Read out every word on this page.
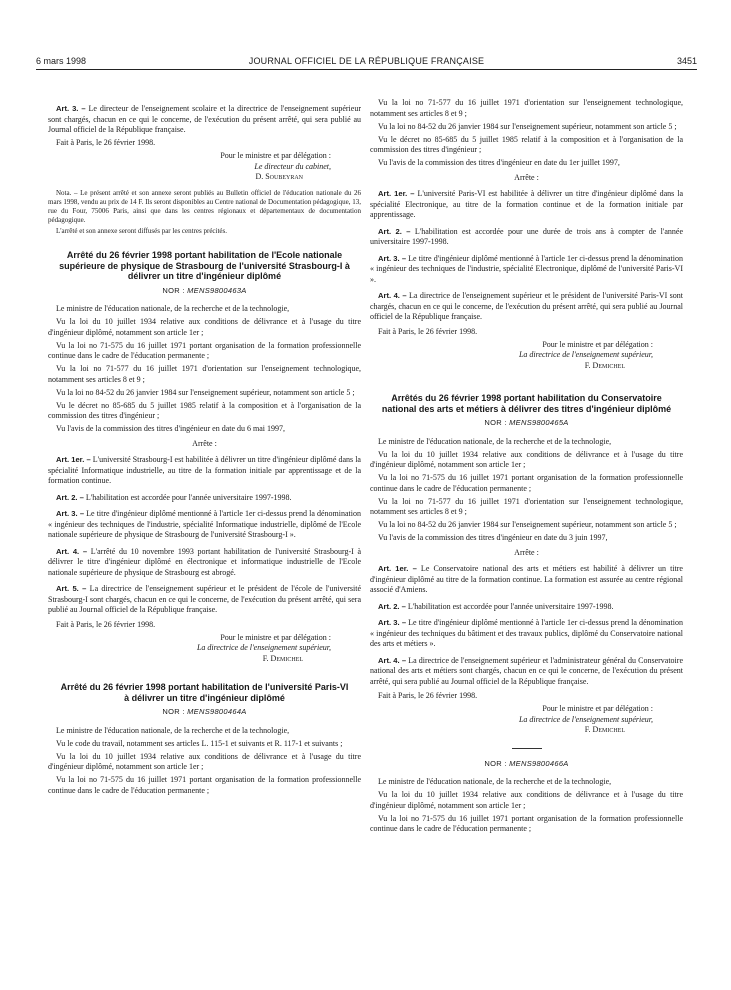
6 mars 1998	JOURNAL OFFICIEL DE LA RÉPUBLIQUE FRANÇAISE	3451

Art. 3. – Le directeur de l'enseignement scolaire et la directrice de l'enseignement supérieur sont chargés, chacun en ce qui le concerne, de l'exécution du présent arrêté, qui sera publié au Journal officiel de la République française.

Fait à Paris, le 26 février 1998.

Pour le ministre et par délégation :

Le directeur du cabinet,

D. Soubeyran

Nota. – Le présent arrêté et son annexe seront publiés au Bulletin officiel de l'éducation nationale du 26 mars 1998, vendu au prix de 14 F. Ils seront disponibles au Centre national de Documentation pédagogique, 13, rue du Four, 75006 Paris, ainsi que dans les centres régionaux et départementaux de documentation pédagogique.

L'arrêté et son annexe seront diffusés par les centres précités.

Arrêté du 26 février 1998 portant habilitation de l'Ecole nationale supérieure de physique de Strasbourg de l'université Strasbourg-I à délivrer un titre d'ingénieur diplômé
NOR : MENS9800463A

Le ministre de l'éducation nationale, de la recherche et de la technologie,

Vu la loi du 10 juillet 1934 relative aux conditions de délivrance et à l'usage du titre d'ingénieur diplômé, notamment son article 1er ;

Vu la loi no 71-575 du 16 juillet 1971 portant organisation de la formation professionnelle continue dans le cadre de l'éducation permanente ;

Vu la loi no 71-577 du 16 juillet 1971 d'orientation sur l'enseignement technologique, notamment ses articles 8 et 9 ;

Vu la loi no 84-52 du 26 janvier 1984 sur l'enseignement supérieur, notamment son article 5 ;

Vu le décret no 85-685 du 5 juillet 1985 relatif à la composition et à l'organisation de la commission des titres d'ingénieur ;

Vu l'avis de la commission des titres d'ingénieur en date du 6 mai 1997,

Arrête :

Art. 1er. – L'université Strasbourg-I est habilitée à délivrer un titre d'ingénieur diplômé dans la spécialité Informatique industrielle, au titre de la formation initiale par apprentissage et de la formation continue.

Art. 2. – L'habilitation est accordée pour l'année universitaire 1997-1998.

Art. 3. – Le titre d'ingénieur diplômé mentionné à l'article 1er ci-dessus prend la dénomination « ingénieur des techniques de l'industrie, spécialité Informatique industrielle, diplômé de l'Ecole nationale supérieure de physique de Strasbourg de l'université Strasbourg-I ».

Art. 4. – L'arrêté du 10 novembre 1993 portant habilitation de l'université Strasbourg-I à délivrer le titre d'ingénieur diplômé en électronique et informatique industrielle de l'Ecole nationale supérieure de physique de Strasbourg est abrogé.

Art. 5. – La directrice de l'enseignement supérieur et le président de l'école de l'université Strasbourg-I sont chargés, chacun en ce qui le concerne, de l'exécution du présent arrêté, qui sera publié au Journal officiel de la République française.

Fait à Paris, le 26 février 1998.

Pour le ministre et par délégation :

La directrice de l'enseignement supérieur,

F. Demichel

Arrêté du 26 février 1998 portant habilitation de l'université Paris-VI à délivrer un titre d'ingénieur diplômé
NOR : MENS9800464A

Le ministre de l'éducation nationale, de la recherche et de la technologie,

Vu le code du travail, notamment ses articles L. 115-1 et suivants et R. 117-1 et suivants ;

Vu la loi du 10 juillet 1934 relative aux conditions de délivrance et à l'usage du titre d'ingénieur diplômé, notamment son article 1er ;

Vu la loi no 71-575 du 16 juillet 1971 portant organisation de la formation professionnelle continue dans le cadre de l'éducation permanente ;

Vu la loi no 71-577 du 16 juillet 1971 d'orientation sur l'enseignement technologique, notamment ses articles 8 et 9 ;

Vu la loi no 84-52 du 26 janvier 1984 sur l'enseignement supérieur, notamment son article 5 ;

Vu le décret no 85-685 du 5 juillet 1985 relatif à la composition et à l'organisation de la commission des titres d'ingénieur ;

Vu l'avis de la commission des titres d'ingénieur en date du 1er juillet 1997,

Arrête :

Art. 1er. – L'université Paris-VI est habilitée à délivrer un titre d'ingénieur diplômé dans la spécialité Electronique, au titre de la formation continue et de la formation initiale par apprentissage.

Art. 2. – L'habilitation est accordée pour une durée de trois ans à compter de l'année universitaire 1997-1998.

Art. 3. – Le titre d'ingénieur diplômé mentionné à l'article 1er ci-dessus prend la dénomination « ingénieur des techniques de l'industrie, spécialité Electronique, diplômé de l'université Paris-VI ».

Art. 4. – La directrice de l'enseignement supérieur et le président de l'université Paris-VI sont chargés, chacun en ce qui le concerne, de l'exécution du présent arrêté, qui sera publié au Journal officiel de la République française.

Fait à Paris, le 26 février 1998.

Pour le ministre et par délégation :

La directrice de l'enseignement supérieur,

F. Demichel

Arrêtés du 26 février 1998 portant habilitation du Conservatoire national des arts et métiers à délivrer des titres d'ingénieur diplômé
NOR : MENS9800465A

Le ministre de l'éducation nationale, de la recherche et de la technologie,

Vu la loi du 10 juillet 1934 relative aux conditions de délivrance et à l'usage du titre d'ingénieur diplômé, notamment son article 1er ;

Vu la loi no 71-575 du 16 juillet 1971 portant organisation de la formation professionnelle continue dans le cadre de l'éducation permanente ;

Vu la loi no 71-577 du 16 juillet 1971 d'orientation sur l'enseignement technologique, notamment ses articles 8 et 9 ;

Vu la loi no 84-52 du 26 janvier 1984 sur l'enseignement supérieur, notamment son article 5 ;

Vu l'avis de la commission des titres d'ingénieur en date du 3 juin 1997,

Arrête :

Art. 1er. – Le Conservatoire national des arts et métiers est habilité à délivrer un titre d'ingénieur diplômé au titre de la formation continue. La formation est assurée au centre régional associé d'Amiens.

Art. 2. – L'habilitation est accordée pour l'année universitaire 1997-1998.

Art. 3. – Le titre d'ingénieur diplômé mentionné à l'article 1er ci-dessus prend la dénomination « ingénieur des techniques du bâtiment et des travaux publics, diplômé du Conservatoire national des arts et métiers ».

Art. 4. – La directrice de l'enseignement supérieur et l'administrateur général du Conservatoire national des arts et métiers sont chargés, chacun en ce qui le concerne, de l'exécution du présent arrêté, qui sera publié au Journal officiel de la République française.

Fait à Paris, le 26 février 1998.

Pour le ministre et par délégation :

La directrice de l'enseignement supérieur,

F. Demichel

NOR : MENS9800466A

Le ministre de l'éducation nationale, de la recherche et de la technologie,

Vu la loi du 10 juillet 1934 relative aux conditions de délivrance et à l'usage du titre d'ingénieur diplômé, notamment son article 1er ;

Vu la loi no 71-575 du 16 juillet 1971 portant organisation de la formation professionnelle continue dans le cadre de l'éducation permanente ;
